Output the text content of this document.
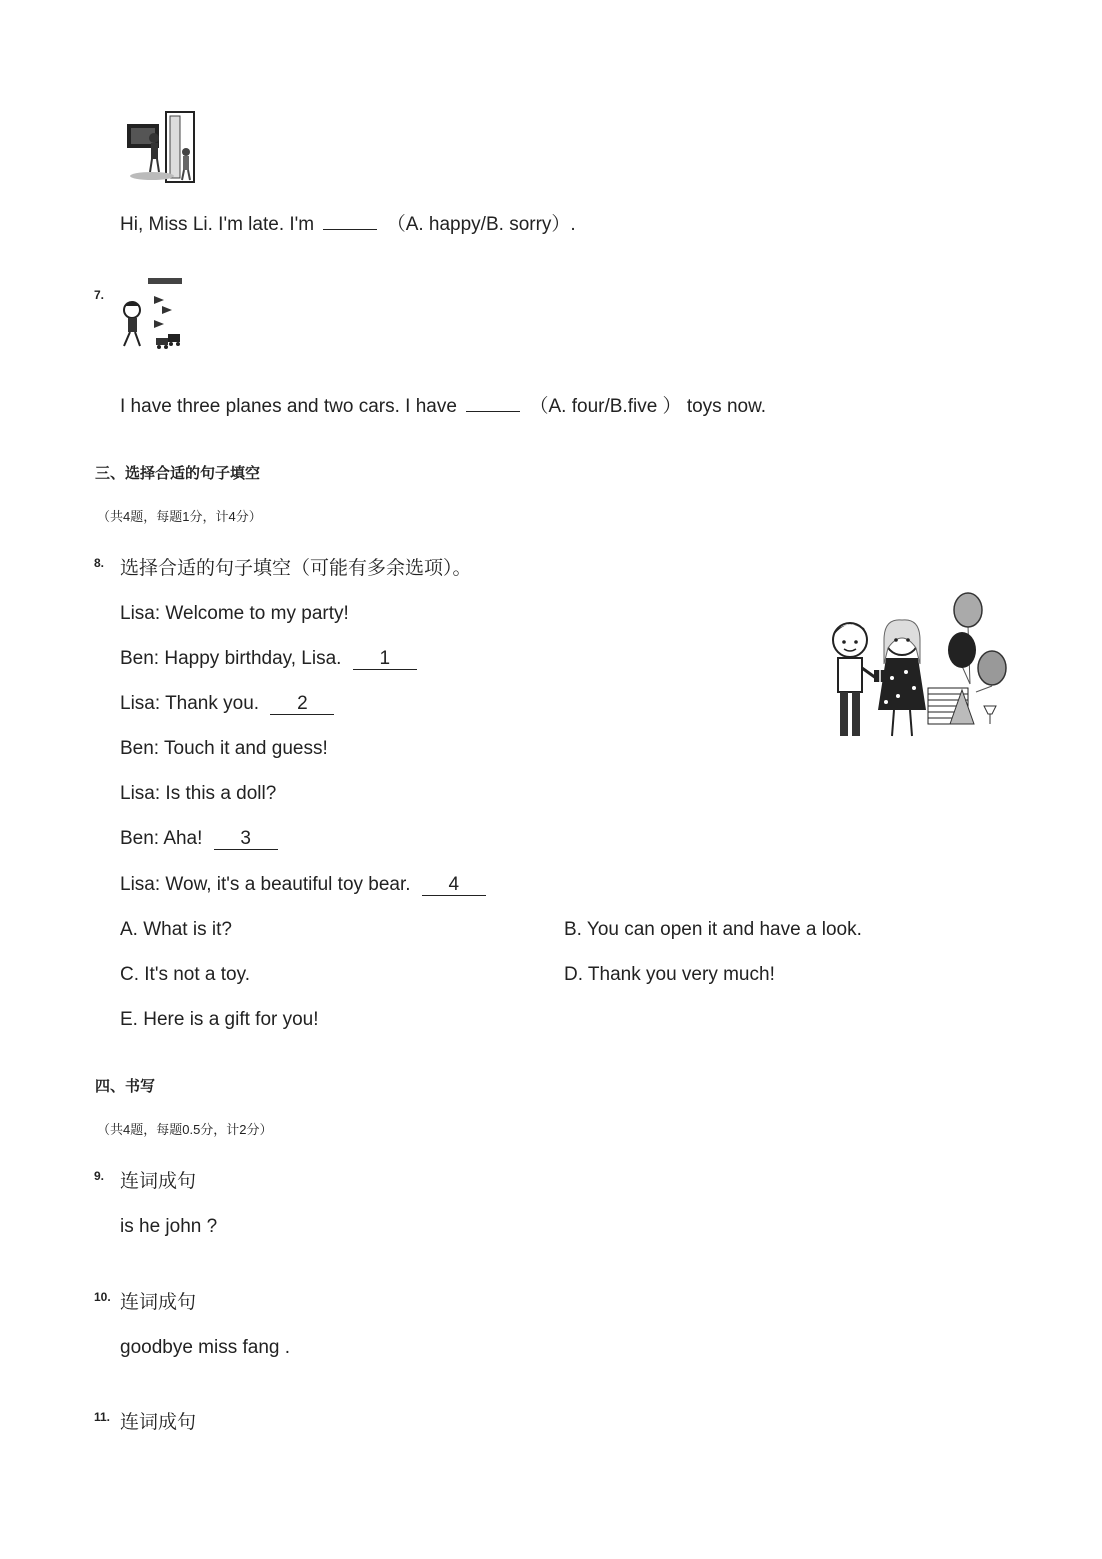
Hi, Miss Li. I'm late. I'm	（A. happy/B. sorry）.
7.
I have three planes and two cars. I have	（A. four/B.five ） toys now.
三、选择合适的句子填空
（共4题，每题1分，计4分）
8. 选择合适的句子填空（可能有多余选项）。
Lisa: Welcome to my party!
Ben: Happy birthday, Lisa. 1
Lisa: Thank you. 2
Ben: Touch it and guess!
Lisa: Is this a doll?
Ben: Aha! 3
Lisa: Wow, it's a beautiful toy bear. 4
A. What is it?	B. You can open it and have a look.
C. It's not a toy.	D. Thank you very much!
E. Here is a gift for you!
四、书写
（共4题，每题0.5分，计2分）
9. 连词成句
is he john ?
10. 连词成句
goodbye miss fang .
11. 连词成句
